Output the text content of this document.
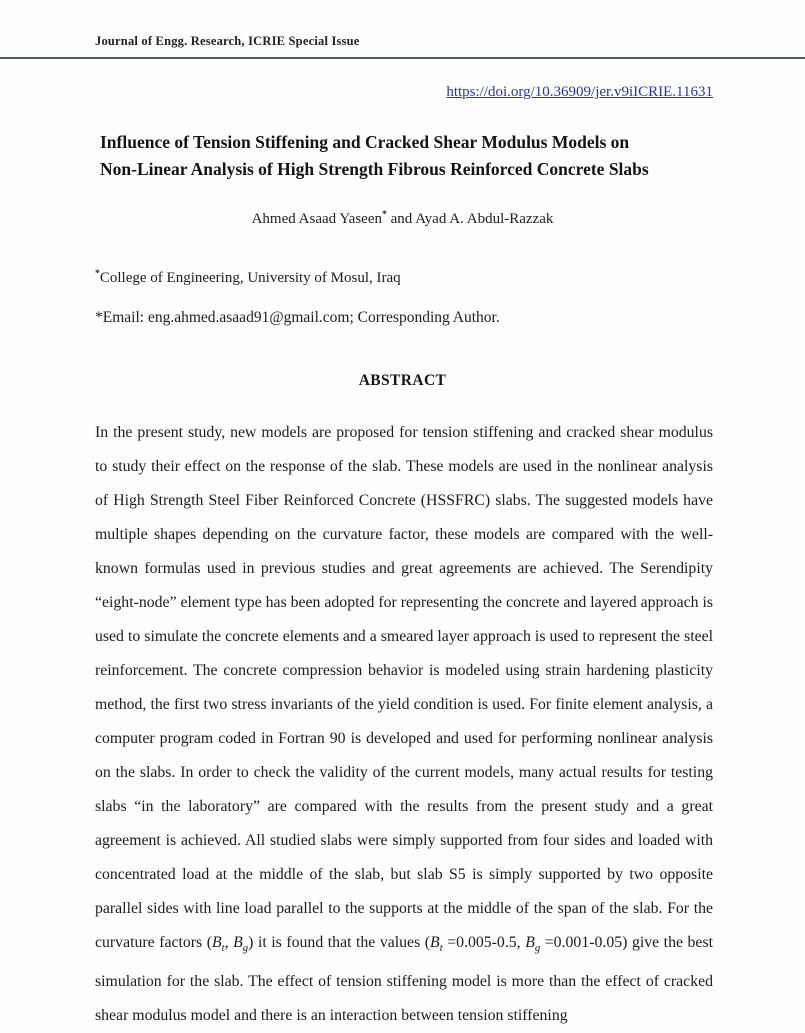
Journal of Engg. Research, ICRIE Special Issue
https://doi.org/10.36909/jer.v9iICRIE.11631
Influence of Tension Stiffening and Cracked Shear Modulus Models on
Non-Linear Analysis of High Strength Fibrous Reinforced Concrete Slabs
Ahmed Asaad Yaseen* and Ayad A. Abdul-Razzak
*College of Engineering, University of Mosul, Iraq
*Email: eng.ahmed.asaad91@gmail.com; Corresponding Author.
ABSTRACT

In the present study, new models are proposed for tension stiffening and cracked shear modulus to study their effect on the response of the slab. These models are used in the nonlinear analysis of High Strength Steel Fiber Reinforced Concrete (HSSFRC) slabs. The suggested models have multiple shapes depending on the curvature factor, these models are compared with the well-known formulas used in previous studies and great agreements are achieved. The Serendipity “eight-node” element type has been adopted for representing the concrete and layered approach is used to simulate the concrete elements and a smeared layer approach is used to represent the steel reinforcement. The concrete compression behavior is modeled using strain hardening plasticity method, the first two stress invariants of the yield condition is used. For finite element analysis, a computer program coded in Fortran 90 is developed and used for performing nonlinear analysis on the slabs. In order to check the validity of the current models, many actual results for testing slabs “in the laboratory” are compared with the results from the present study and a great agreement is achieved. All studied slabs were simply supported from four sides and loaded with concentrated load at the middle of the slab, but slab S5 is simply supported by two opposite parallel sides with line load parallel to the supports at the middle of the span of the slab. For the curvature factors ($B_t$, $B_g$) it is found that the values ($B_t =0.005-0.5$, $B_g =0.001-0.05$) give the best simulation for the slab. The effect of tension stiffening model is more than the effect of cracked shear modulus model and there is an interaction between tension stiffening
